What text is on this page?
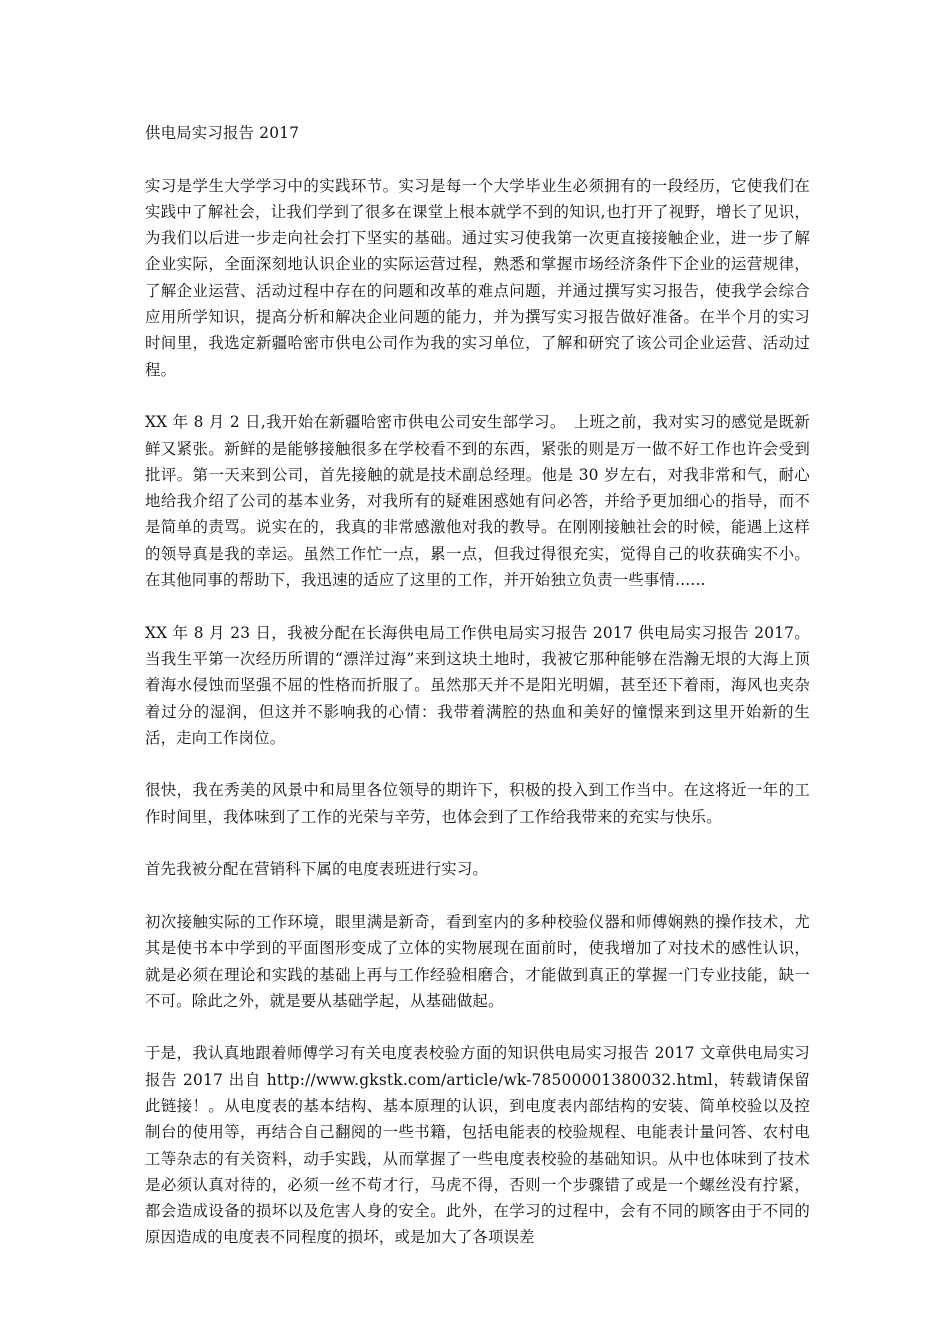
供电局实习报告 2017

实习是学生大学学习中的实践环节。实习是每一个大学毕业生必须拥有的一段经历，它使我们在实践中了解社会，让我们学到了很多在课堂上根本就学不到的知识,也打开了视野，增长了见识，为我们以后进一步走向社会打下坚实的基础。通过实习使我第一次更直接接触企业，进一步了解企业实际，全面深刻地认识企业的实际运营过程，熟悉和掌握市场经济条件下企业的运营规律，了解企业运营、活动过程中存在的问题和改革的难点问题，并通过撰写实习报告，使我学会综合应用所学知识，提高分析和解决企业问题的能力，并为撰写实习报告做好准备。在半个月的实习时间里，我选定新疆哈密市供电公司作为我的实习单位，了解和研究了该公司企业运营、活动过程。

XX 年 8 月 2 日,我开始在新疆哈密市供电公司安生部学习。　上班之前，我对实习的感觉是既新鲜又紧张。新鲜的是能够接触很多在学校看不到的东西，紧张的则是万一做不好工作也许会受到批评。第一天来到公司，首先接触的就是技术副总经理。他是 30 岁左右，对我非常和气，耐心地给我介绍了公司的基本业务，对我所有的疑难困惑她有问必答，并给予更加细心的指导，而不是简单的责骂。说实在的，我真的非常感激他对我的教导。在刚刚接触社会的时候，能遇上这样的领导真是我的幸运。虽然工作忙一点，累一点，但我过得很充实，觉得自己的收获确实不小。在其他同事的帮助下，我迅速的适应了这里的工作，并开始独立负责一些事情......

XX 年 8 月 23 日，我被分配在长海供电局工作供电局实习报告 2017 供电局实习报告 2017。当我生平第一次经历所谓的“漂洋过海”来到这块土地时，我被它那种能够在浩瀚无垠的大海上顶着海水侵蚀而坚强不屈的性格而折服了。虽然那天并不是阳光明媚，甚至还下着雨，海风也夹杂着过分的湿润，但这并不影响我的心情：我带着满腔的热血和美好的憧憬来到这里开始新的生活，走向工作岗位。

很快，我在秀美的风景中和局里各位领导的期许下，积极的投入到工作当中。在这将近一年的工作时间里，我体味到了工作的光荣与辛劳，也体会到了工作给我带来的充实与快乐。

首先我被分配在营销科下属的电度表班进行实习。

初次接触实际的工作环境，眼里满是新奇，看到室内的多种校验仪器和师傅娴熟的操作技术，尤其是使书本中学到的平面图形变成了立体的实物展现在面前时，使我增加了对技术的感性认识，就是必须在理论和实践的基础上再与工作经验相磨合，才能做到真正的掌握一门专业技能，缺一不可。除此之外，就是要从基础学起，从基础做起。

于是，我认真地跟着师傅学习有关电度表校验方面的知识供电局实习报告 2017 文章供电局实习报告 2017 出自 http://www.gkstk.com/article/wk-78500001380032.html，转载请保留此链接！。从电度表的基本结构、基本原理的认识，到电度表内部结构的安装、简单校验以及控制台的使用等，再结合自己翻阅的一些书籍，包括电能表的校验规程、电能表计量问答、农村电工等杂志的有关资料，动手实践，从而掌握了一些电度表校验的基础知识。从中也体味到了技术是必须认真对待的，必须一丝不苟才行，马虎不得，否则一个步骤错了或是一个螺丝没有拧紧，都会造成设备的损坏以及危害人身的安全。此外，在学习的过程中，会有不同的顾客由于不同的原因造成的电度表不同程度的损坏，或是加大了各项误差
